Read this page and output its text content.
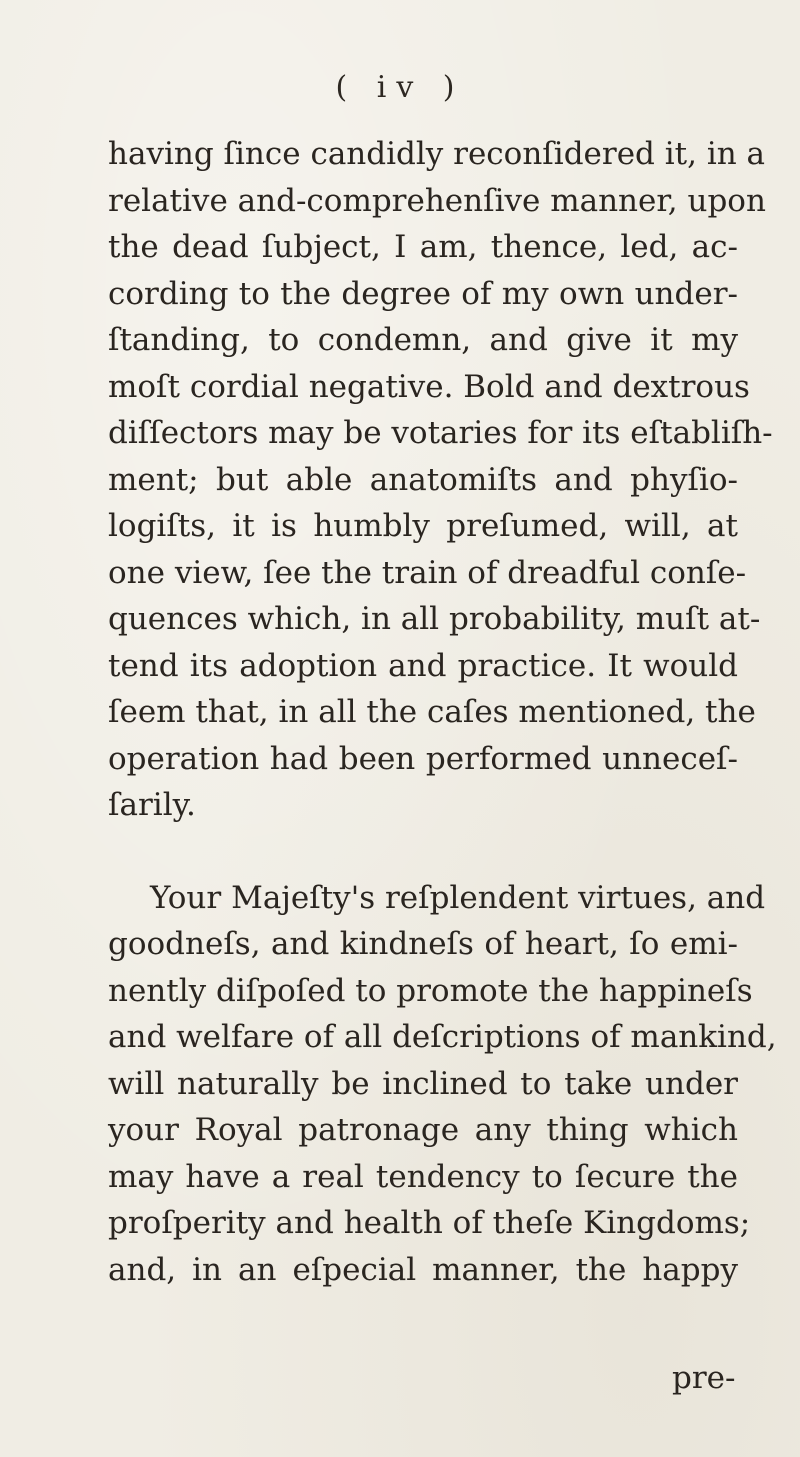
( iv )
having ſince candidly reconſidered it, in a
relative and-comprehenſive manner, upon
the dead ſubject, I am, thence, led, ac-
cording to the degree of my own under-
ſtanding, to condemn, and give it my
moſt cordial negative. Bold and dextrous
diſſectors may be votaries for its eſtabliſh-
ment; but able anatomiſts and phyſio-
logiſts, it is humbly preſumed, will, at
one view, ſee the train of dreadful conſe-
quences which, in all probability, muſt at-
tend its adoption and practice. It would
ſeem that, in all the caſes mentioned, the
operation had been performed unneceſ-
ſarily.
Your Majeſty's reſplendent virtues, and
goodneſs, and kindneſs of heart, ſo emi-
nently diſpoſed to promote the happineſs
and welfare of all deſcriptions of mankind,
will naturally be inclined to take under
your Royal patronage any thing which
may have a real tendency to ſecure the
proſperity and health of theſe Kingdoms;
and, in an eſpecial manner, the happy
pre-
